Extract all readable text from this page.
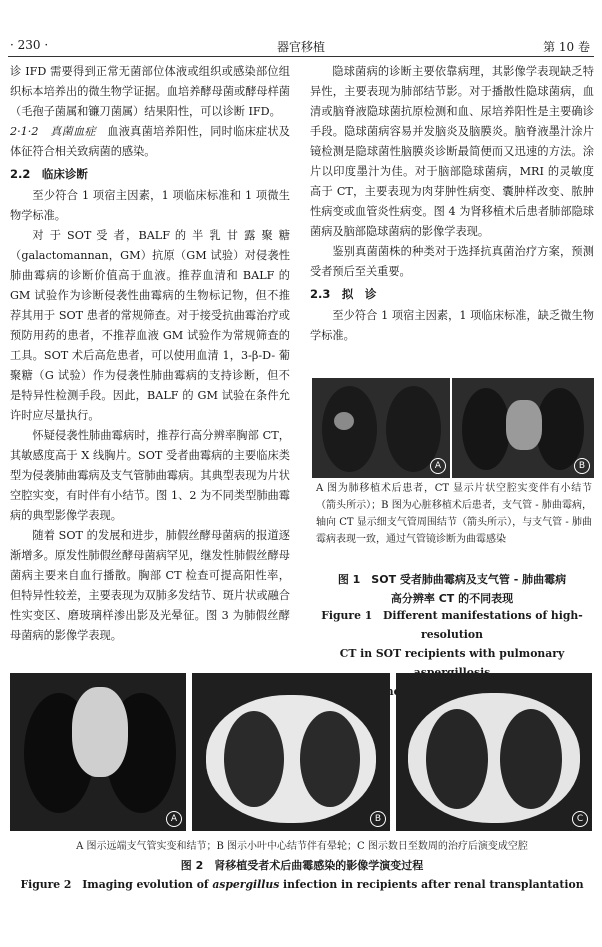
· 230 ·	器官移植	第 10 卷

诊 IFD 需要得到正常无菌部位体液或组织或感染部位组织标本培养出的微生物学证据。血培养酵母菌或酵母样菌（毛孢子菌属和镰刀菌属）结果阳性，可以诊断 IFD。

2·1·2　真菌血症　血液真菌培养阳性，同时临床症状及体征符合相关致病菌的感染。

2.2　临床诊断

至少符合 1 项宿主因素，1 项临床标准和 1 项微生物学标准。

对 于 SOT 受 者，BALF 的 半 乳 甘 露 聚 糖（galactomannan，GM）抗原（GM 试验）对侵袭性肺曲霉病的诊断价值高于血液。推荐血清和 BALF 的 GM 试验作为诊断侵袭性曲霉病的生物标记物，但不推荐其用于 SOT 患者的常规筛查。对于接受抗曲霉治疗或预防用药的患者，不推荐血液 GM 试验作为常规筛查的工具。SOT 术后高危患者，可以使用血清 1，3-β-D- 葡聚糖（G 试验）作为侵袭性肺曲霉病的支持诊断，但不是特异性检测手段。因此，BALF 的 GM 试验在条件允许时应尽量执行。

怀疑侵袭性肺曲霉病时，推荐行高分辨率胸部 CT，其敏感度高于 X 线胸片。SOT 受者曲霉病的主要临床类型为侵袭肺曲霉病及支气管肺曲霉病。其典型表现为片状空腔实变，有时伴有小结节。图 1、2 为不同类型肺曲霉病的典型影像学表现。

随着 SOT 的发展和进步，肺假丝酵母菌病的报道逐渐增多。原发性肺假丝酵母菌病罕见，继发性肺假丝酵母菌病主要来自血行播散。胸部 CT 检查可提高阳性率，但特异性较差，主要表现为双肺多发结节、斑片状或融合性实变区、磨玻璃样渗出影及光晕征。图 3 为肺假丝酵母菌病的影像学表现。

隐球菌病的诊断主要依靠病理，其影像学表现缺乏特异性，主要表现为肺部结节影。对于播散性隐球菌病，血清或脑脊液隐球菌抗原检测和血、尿培养阳性是主要确诊手段。隐球菌病容易并发脑炎及脑膜炎。脑脊液墨汁涂片镜检测是隐球菌性脑膜炎诊断最简便而又迅速的方法。涂片以印度墨汁为佳。对于脑部隐球菌病，MRI 的灵敏度高于 CT，主要表现为肉芽肿性病变、囊肿样改变、脓肿性病变或血管炎性病变。图 4 为肾移植术后患者肺部隐球菌病及脑部隐球菌病的影像学表现。

鉴别真菌菌株的种类对于选择抗真菌治疗方案，预测受者预后至关重要。

2.3　拟　诊

至少符合 1 项宿主因素，1 项临床标准，缺乏微生物学标准。

A	B
A 图为肺移植术后患者，CT 显示片状空腔实变伴有小结节（箭头所示）；B 图为心脏移植术后患者，支气管 - 肺曲霉病，轴向 CT 显示细支气管周围结节（箭头所示），与支气管 - 肺曲霉病表现一致，通过气管镜诊断为曲霉感染
图 1　SOT 受者肺曲霉病及支气管 - 肺曲霉病
高分辨率 CT 的不同表现
Figure 1　Different manifestations of high-resolution
CT in SOT recipients with pulmonary
A	B	C
A 图示远端支气管实变和结节；B 图示小叶中心结节伴有晕轮；C 图示数日至数周的治疗后演变成空腔
图 2　肾移植受者术后曲霉感染的影像学演变过程
Figure 2　Imaging evolution of aspergillus infection in recipients after renal transplantation
